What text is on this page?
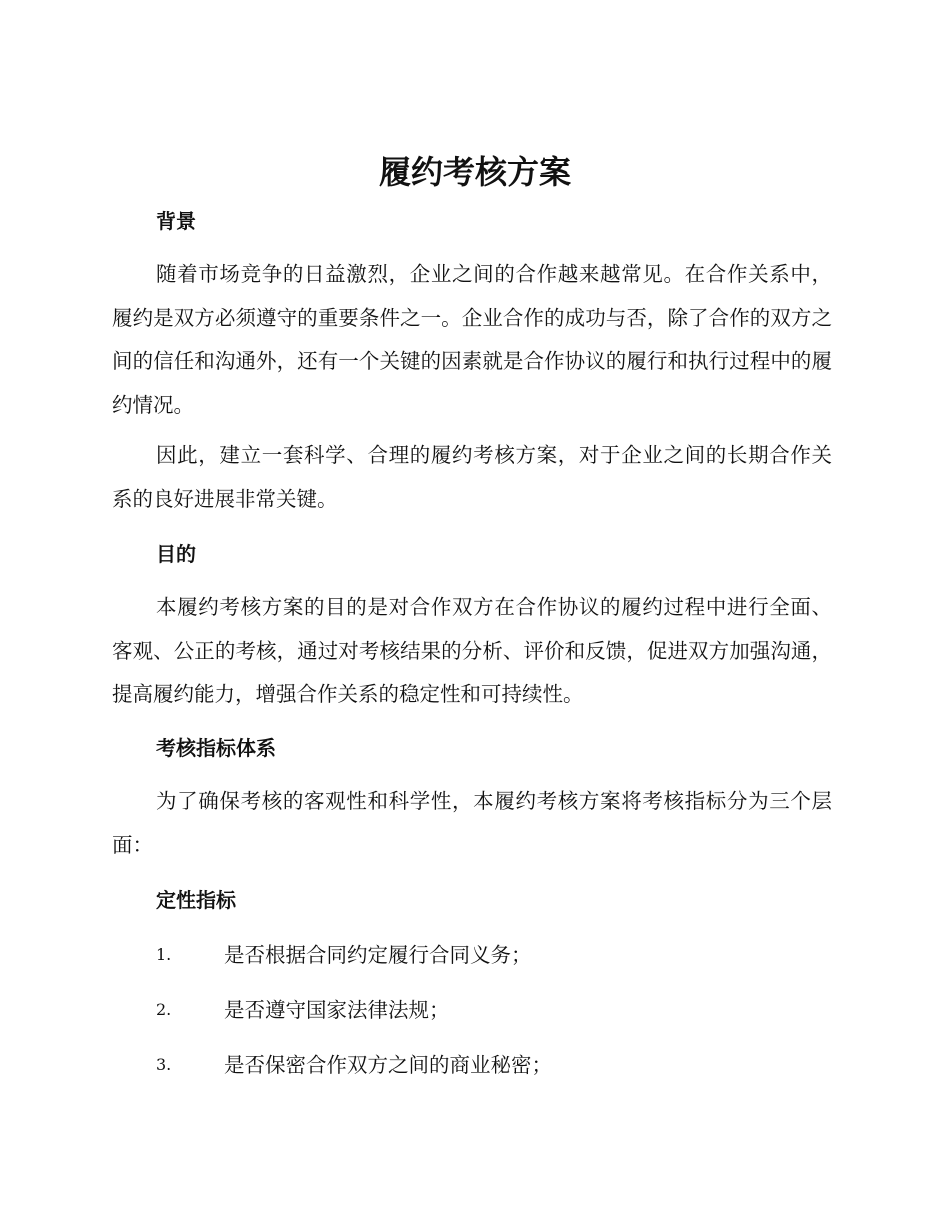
履约考核方案
背景

随着市场竞争的日益激烈，企业之间的合作越来越常见。在合作关系中，履约是双方必须遵守的重要条件之一。企业合作的成功与否，除了合作的双方之间的信任和沟通外，还有一个关键的因素就是合作协议的履行和执行过程中的履约情况。

因此，建立一套科学、合理的履约考核方案，对于企业之间的长期合作关系的良好进展非常关键。

目的

本履约考核方案的目的是对合作双方在合作协议的履约过程中进行全面、客观、公正的考核，通过对考核结果的分析、评价和反馈，促进双方加强沟通，提高履约能力，增强合作关系的稳定性和可持续性。

考核指标体系

为了确保考核的客观性和科学性，本履约考核方案将考核指标分为三个层面：

定性指标
1.	是否根据合同约定履行合同义务；
2.	是否遵守国家法律法规；
3.	是否保密合作双方之间的商业秘密；
